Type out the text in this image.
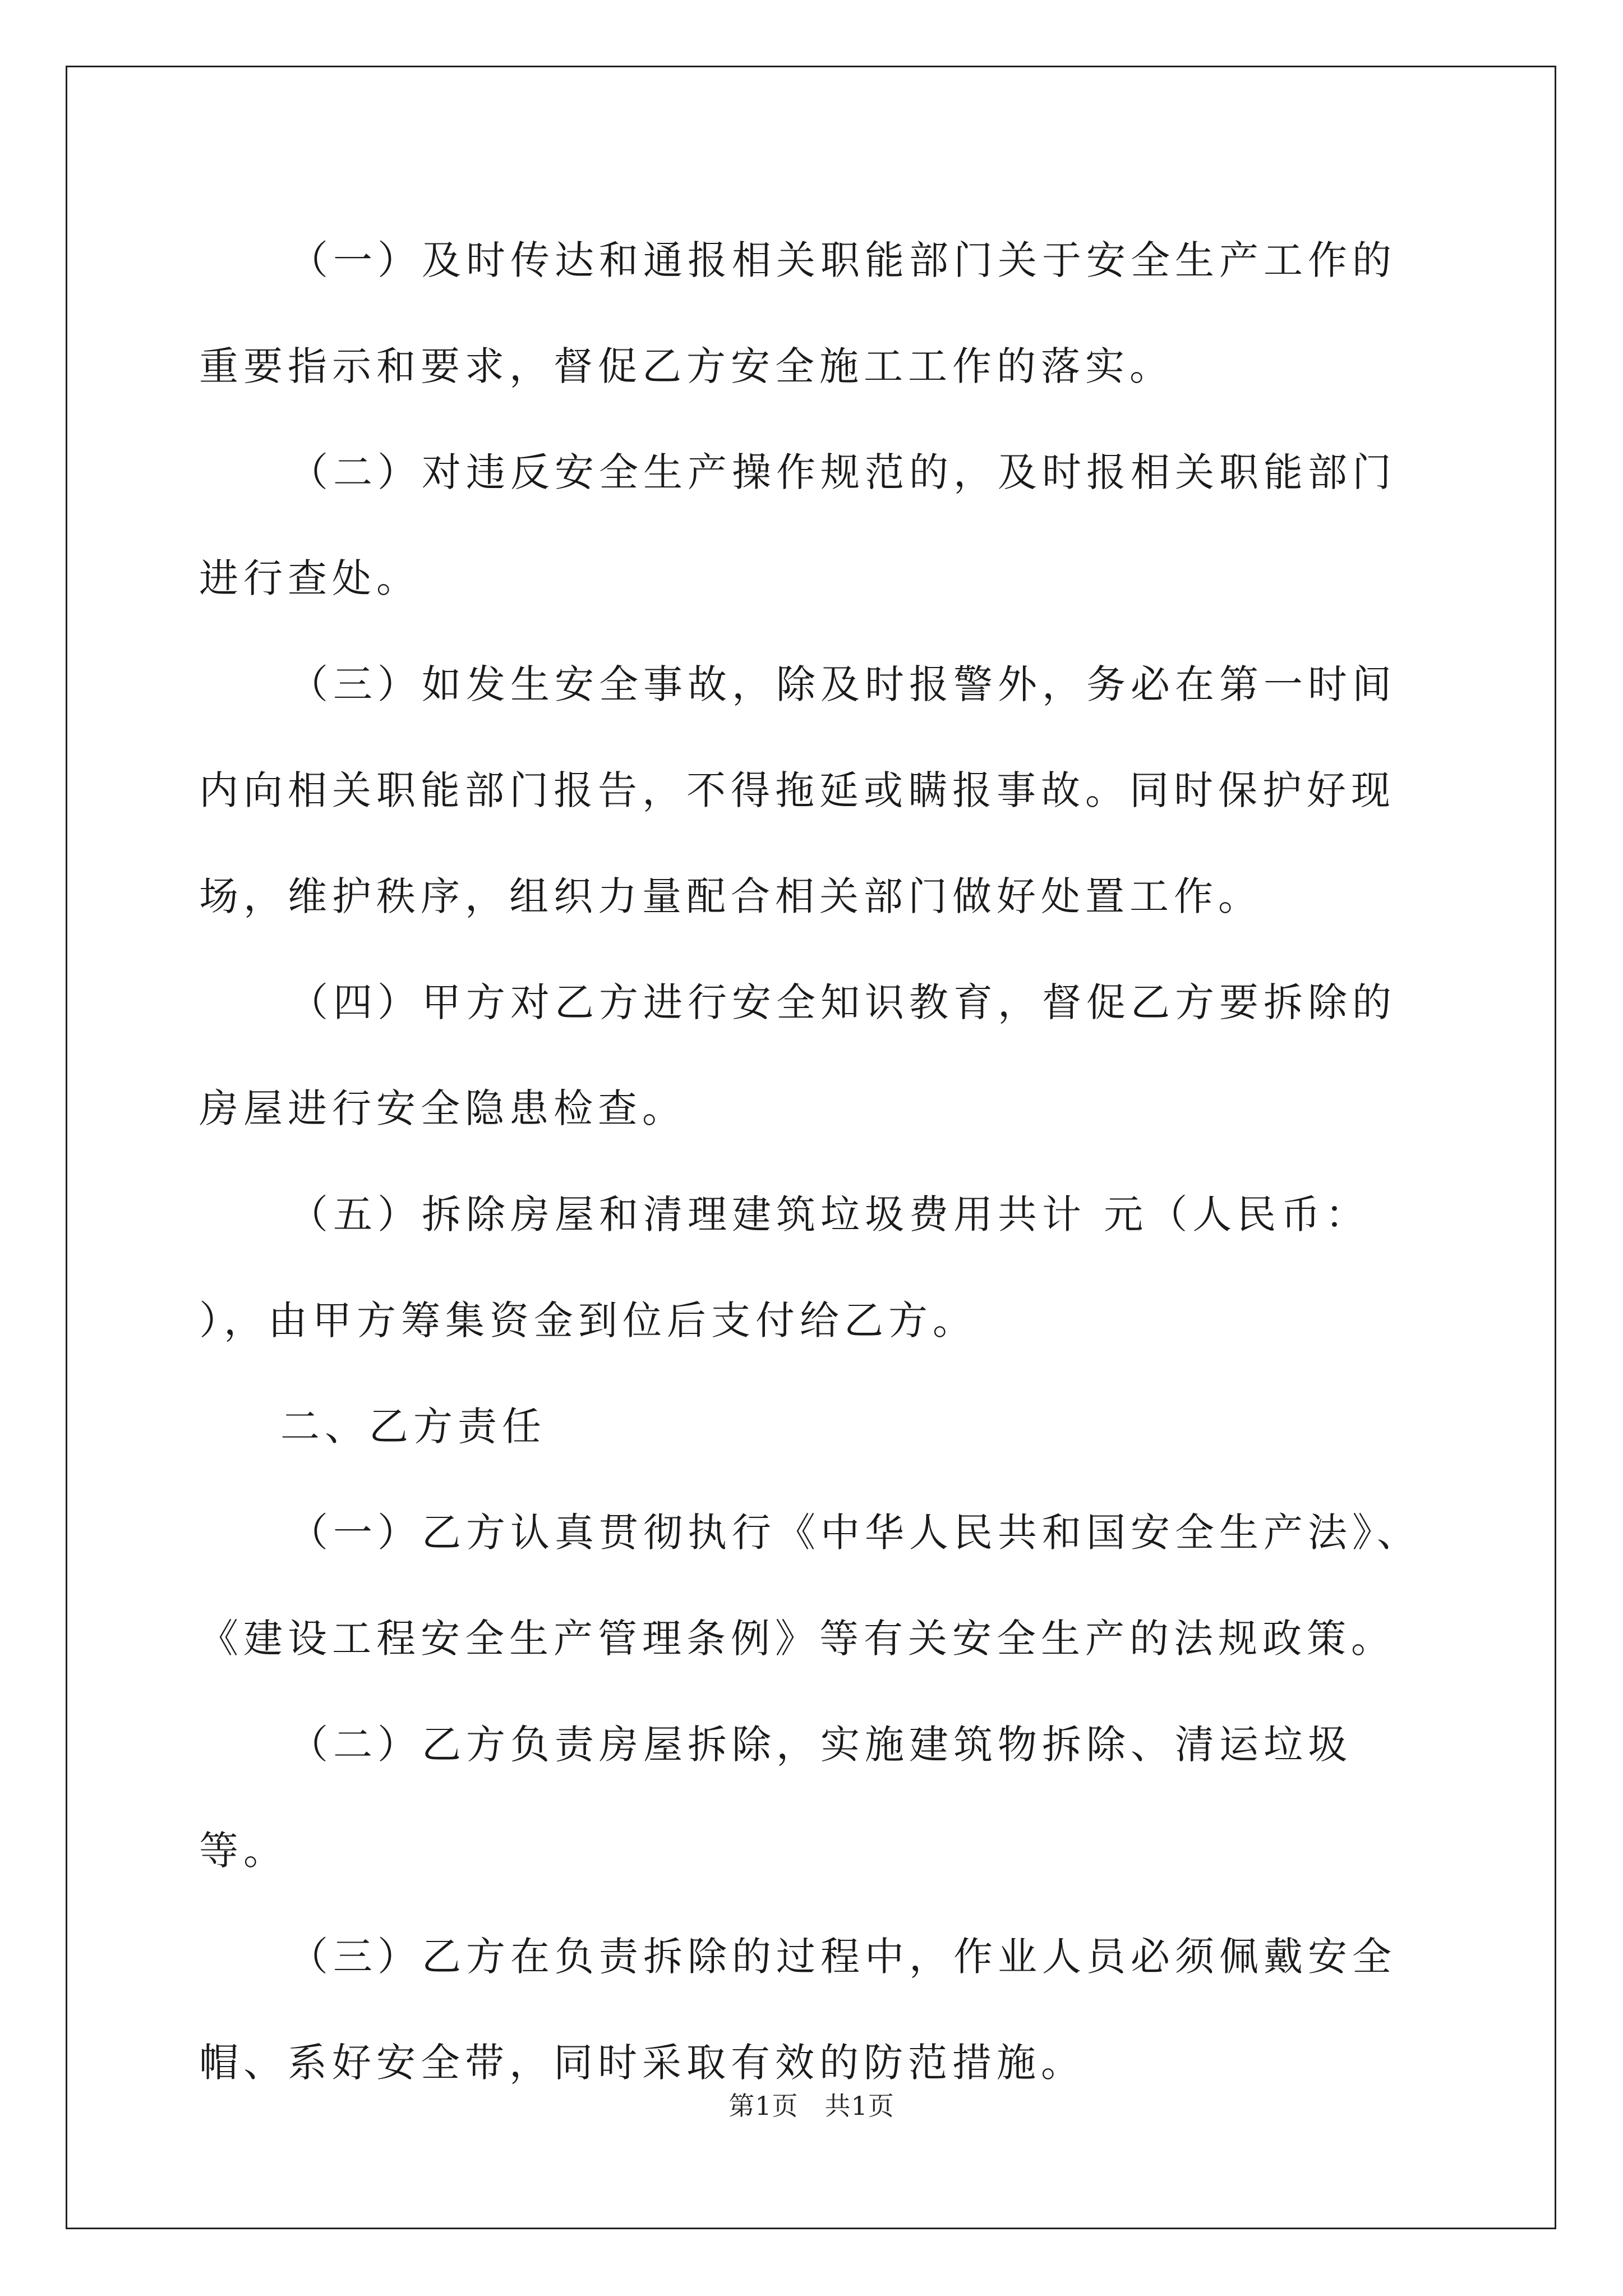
（一）及时传达和通报相关职能部门关于安全生产工作的重要指示和要求，督促乙方安全施工工作的落实。

（二）对违反安全生产操作规范的，及时报相关职能部门进行查处。

（三）如发生安全事故，除及时报警外，务必在第一时间内向相关职能部门报告，不得拖延或瞒报事故。同时保护好现场，维护秩序，组织力量配合相关部门做好处置工作。

（四）甲方对乙方进行安全知识教育，督促乙方要拆除的房屋进行安全隐患检查。

（五）拆除房屋和清理建筑垃圾费用共计 元（人民币： ），由甲方筹集资金到位后支付给乙方。

二、乙方责任

（一）乙方认真贯彻执行《中华人民共和国安全生产法》、《建设工程安全生产管理条例》等有关安全生产的法规政策。

（二）乙方负责房屋拆除，实施建筑物拆除、清运垃圾等。

（三）乙方在负责拆除的过程中，作业人员必须佩戴安全帽、系好安全带，同时采取有效的防范措施。

第1页 共1页
